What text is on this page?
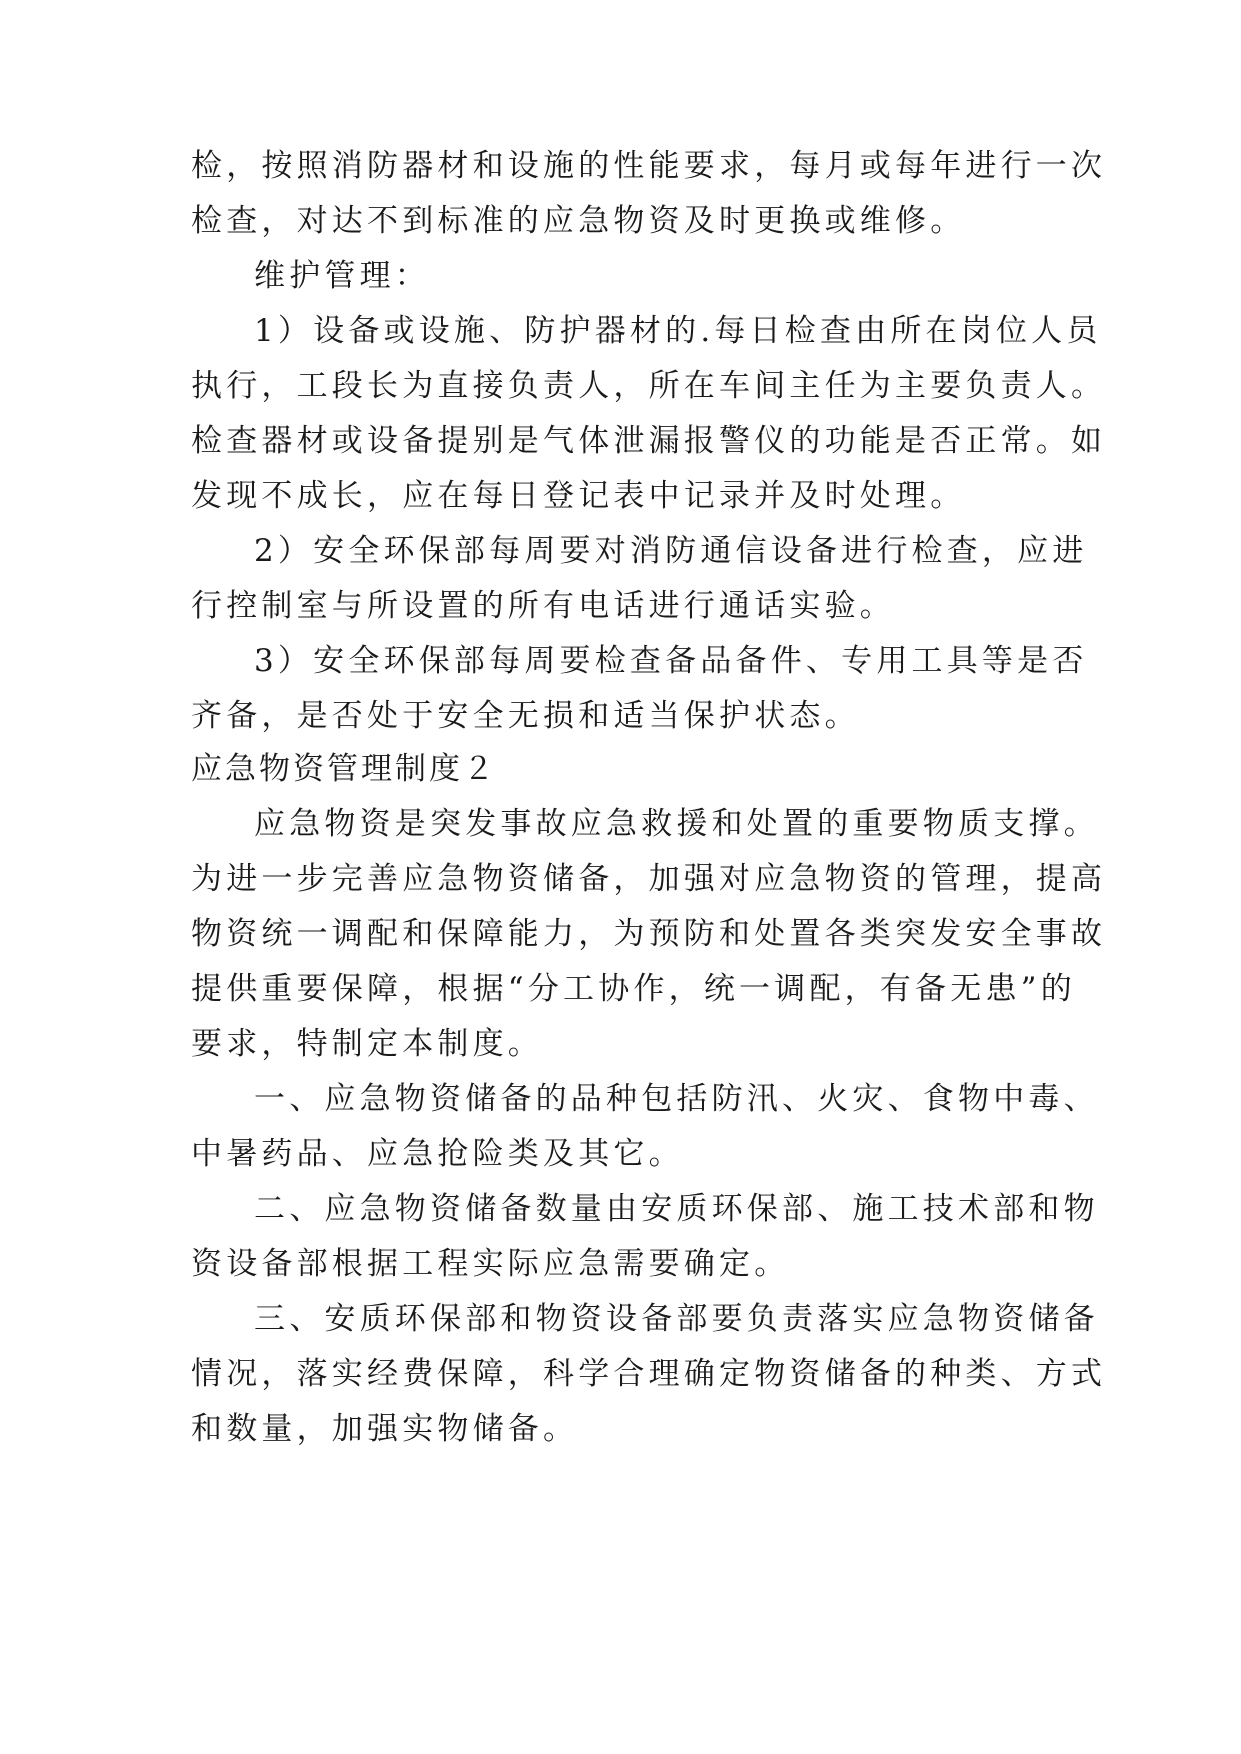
检，按照消防器材和设施的性能要求，每月或每年进行一次

检查，对达不到标准的应急物资及时更换或维修。

维护管理：

1）设备或设施、防护器材的.每日检查由所在岗位人员

执行，工段长为直接负责人，所在车间主任为主要负责人。

检查器材或设备提别是气体泄漏报警仪的功能是否正常。如

发现不成长，应在每日登记表中记录并及时处理。

2）安全环保部每周要对消防通信设备进行检查，应进

行控制室与所设置的所有电话进行通话实验。

3）安全环保部每周要检查备品备件、专用工具等是否

齐备，是否处于安全无损和适当保护状态。

应急物资管理制度２

应急物资是突发事故应急救援和处置的重要物质支撑。

为进一步完善应急物资储备，加强对应急物资的管理，提高

物资统一调配和保障能力，为预防和处置各类突发安全事故

提供重要保障，根据“分工协作，统一调配，有备无患”的

要求，特制定本制度。

一、应急物资储备的品种包括防汛、火灾、食物中毒、

中暑药品、应急抢险类及其它。

二、应急物资储备数量由安质环保部、施工技术部和物

资设备部根据工程实际应急需要确定。

三、安质环保部和物资设备部要负责落实应急物资储备

情况，落实经费保障，科学合理确定物资储备的种类、方式

和数量，加强实物储备。
